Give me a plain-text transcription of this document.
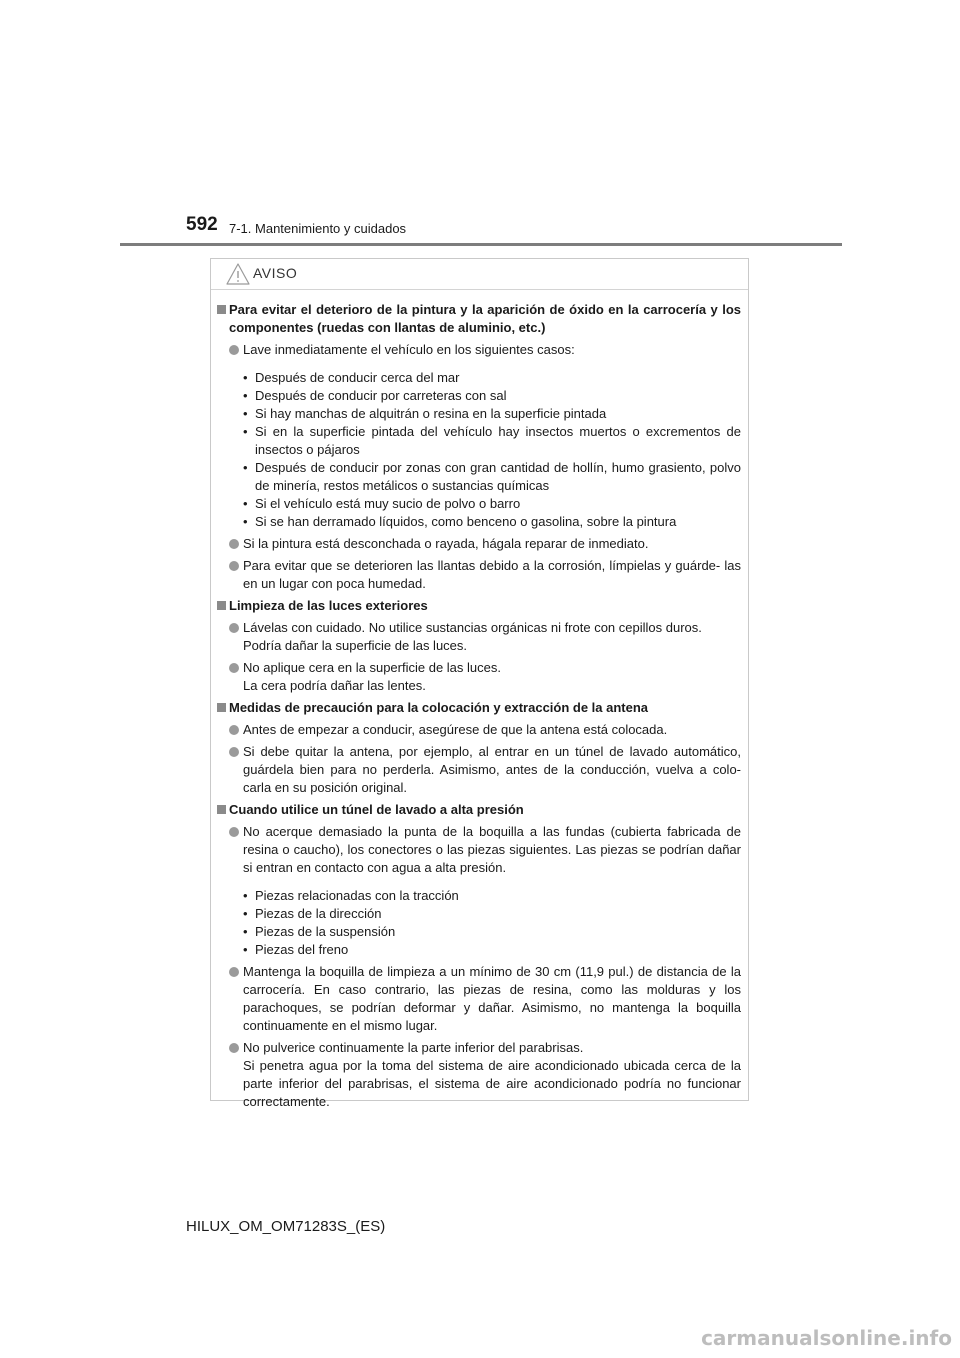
592 7-1. Mantenimiento y cuidados
AVISO
Para evitar el deterioro de la pintura y la aparición de óxido en la carrocería y los componentes (ruedas con llantas de aluminio, etc.)
Lave inmediatamente el vehículo en los siguientes casos:
• Después de conducir cerca del mar
• Después de conducir por carreteras con sal
• Si hay manchas de alquitrán o resina en la superficie pintada
• Si en la superficie pintada del vehículo hay insectos muertos o excrementos de insectos o pájaros
• Después de conducir por zonas con gran cantidad de hollín, humo grasiento, polvo de minería, restos metálicos o sustancias químicas
• Si el vehículo está muy sucio de polvo o barro
• Si se han derramado líquidos, como benceno o gasolina, sobre la pintura
Si la pintura está desconchada o rayada, hágala reparar de inmediato.
Para evitar que se deterioren las llantas debido a la corrosión, límpielas y guárde- las en un lugar con poca humedad.
Limpieza de las luces exteriores
Lávelas con cuidado. No utilice sustancias orgánicas ni frote con cepillos duros.
Podría dañar la superficie de las luces.
No aplique cera en la superficie de las luces.
La cera podría dañar las lentes.
Medidas de precaución para la colocación y extracción de la antena
Antes de empezar a conducir, asegúrese de que la antena está colocada.
Si debe quitar la antena, por ejemplo, al entrar en un túnel de lavado automático, guárdela bien para no perderla. Asimismo, antes de la conducción, vuelva a colo- carla en su posición original.
Cuando utilice un túnel de lavado a alta presión
No acerque demasiado la punta de la boquilla a las fundas (cubierta fabricada de resina o caucho), los conectores o las piezas siguientes. Las piezas se podrían dañar si entran en contacto con agua a alta presión.
• Piezas relacionadas con la tracción
• Piezas de la dirección
• Piezas de la suspensión
• Piezas del freno
Mantenga la boquilla de limpieza a un mínimo de 30 cm (11,9 pul.) de distancia de la carrocería. En caso contrario, las piezas de resina, como las molduras y los parachoques, se podrían deformar y dañar. Asimismo, no mantenga la boquilla continuamente en el mismo lugar.
No pulverice continuamente la parte inferior del parabrisas.
Si penetra agua por la toma del sistema de aire acondicionado ubicada cerca de la parte inferior del parabrisas, el sistema de aire acondicionado podría no funcionar correctamente.
HILUX_OM_OM71283S_(ES)
carmanualsonline.info
